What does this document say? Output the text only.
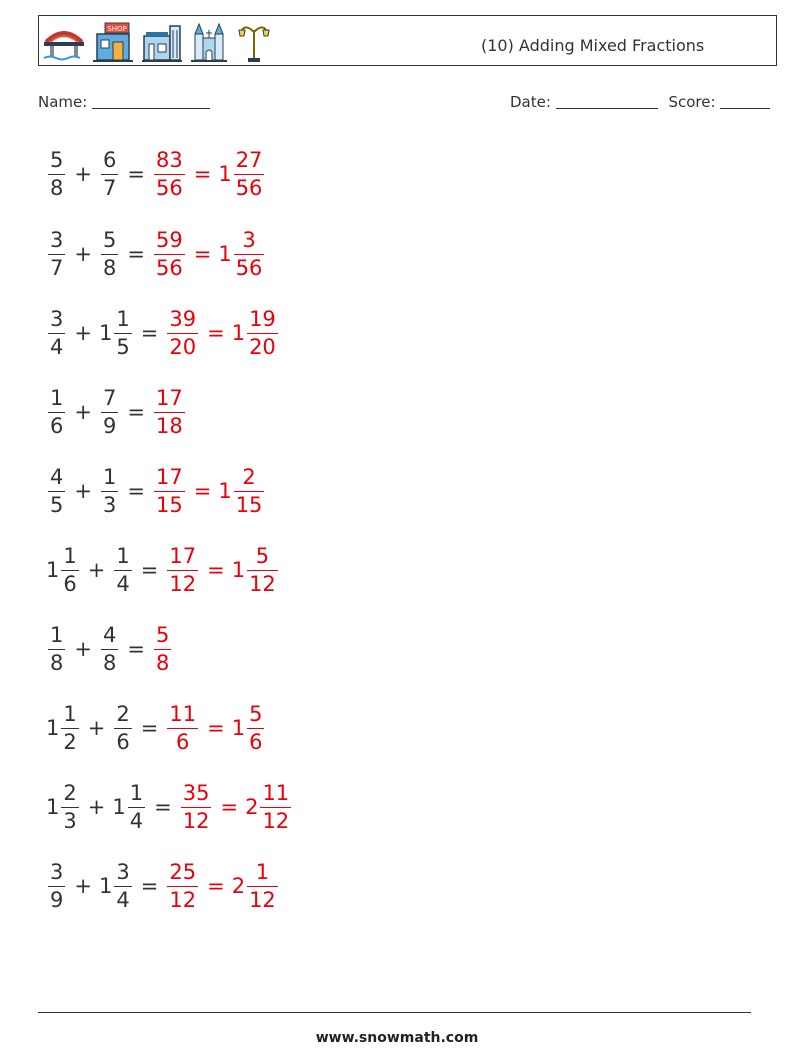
SHOP
(10) Adding Mixed Fractions
Name:	Date:	Score:
$\frac{5}{8} + \frac{6}{7} = \frac{83}{56} = 1 \frac{27}{56}$
$\frac{3}{7} + \frac{5}{8} = \frac{59}{56} = 1 \frac{3}{56}$
$\frac{3}{4} + 1 \frac{1}{5} = \frac{39}{20} = 1 \frac{19}{20}$
$\frac{1}{6} + \frac{7}{9} = \frac{17}{18}$
$\frac{4}{5} + \frac{1}{3} = \frac{17}{15} = 1 \frac{2}{15}$
$1 \frac{1}{6} + \frac{1}{4} = \frac{17}{12} = 1 \frac{5}{12}$
$\frac{1}{8} + \frac{4}{8} = \frac{5}{8}$
$1 \frac{1}{2} + \frac{2}{6} = \frac{11}{6} = 1 \frac{5}{6}$
$1 \frac{2}{3} + 1 \frac{1}{4} = \frac{35}{12} = 2 \frac{11}{12}$
$\frac{3}{9} + 1 \frac{3}{4} = \frac{25}{12} = 2 \frac{1}{12}$
www.snowmath.com
